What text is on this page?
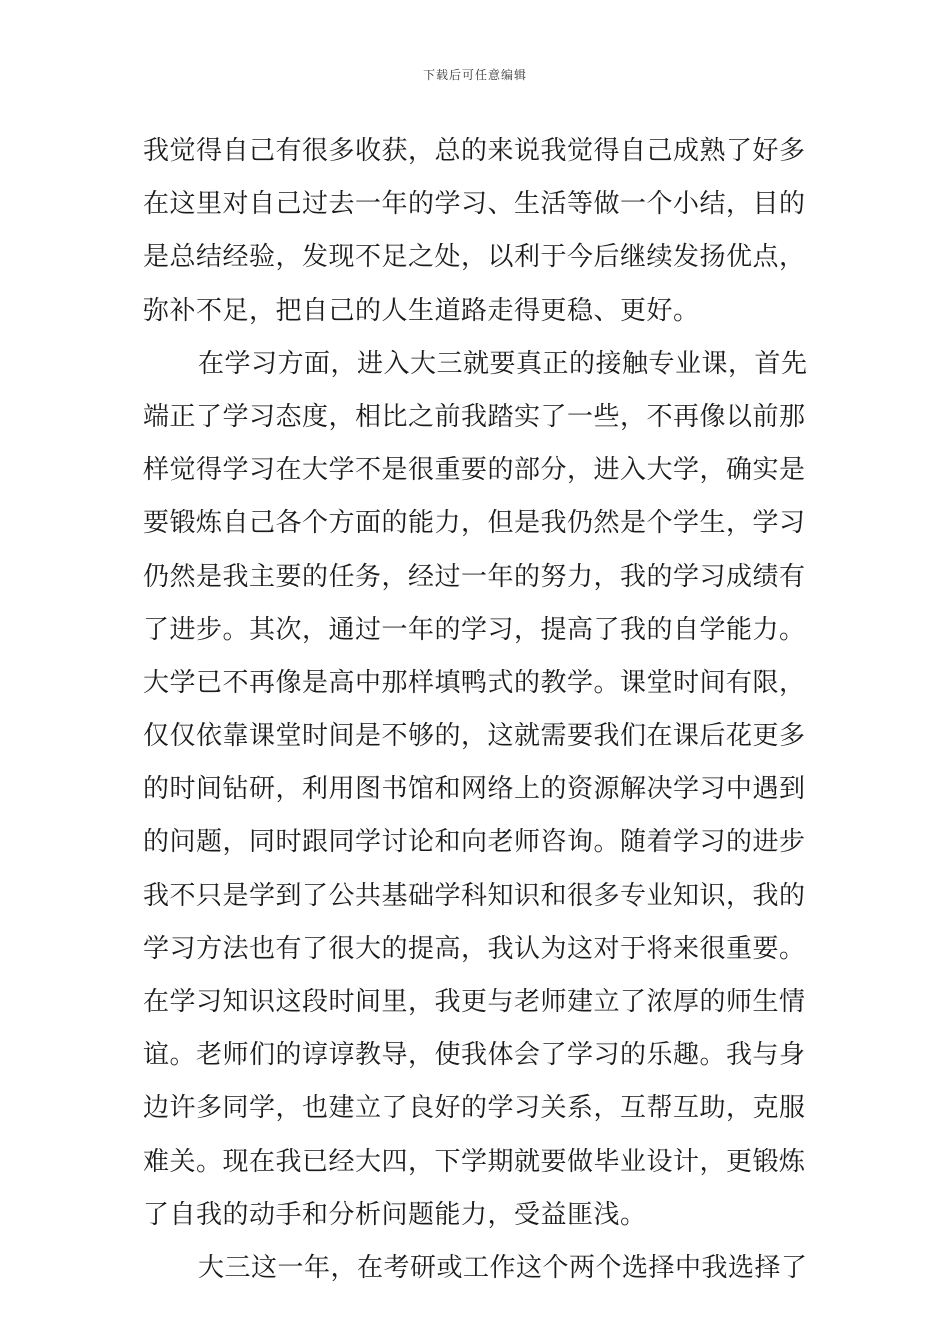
下载后可任意编辑
我觉得自己有很多收获，总的来说我觉得自己成熟了好多
在这里对自己过去一年的学习、生活等做一个小结，目的
是总结经验，发现不足之处，以利于今后继续发扬优点，
弥补不足，把自己的人生道路走得更稳、更好。
在学习方面，进入大三就要真正的接触专业课，首先
端正了学习态度，相比之前我踏实了一些，不再像以前那
样觉得学习在大学不是很重要的部分，进入大学，确实是
要锻炼自己各个方面的能力，但是我仍然是个学生，学习
仍然是我主要的任务，经过一年的努力，我的学习成绩有
了进步。其次，通过一年的学习，提高了我的自学能力。
大学已不再像是高中那样填鸭式的教学。课堂时间有限，
仅仅依靠课堂时间是不够的，这就需要我们在课后花更多
的时间钻研，利用图书馆和网络上的资源解决学习中遇到
的问题，同时跟同学讨论和向老师咨询。随着学习的进步
我不只是学到了公共基础学科知识和很多专业知识，我的
学习方法也有了很大的提高，我认为这对于将来很重要。
在学习知识这段时间里，我更与老师建立了浓厚的师生情
谊。老师们的谆谆教导，使我体会了学习的乐趣。我与身
边许多同学，也建立了良好的学习关系，互帮互助，克服
难关。现在我已经大四，下学期就要做毕业设计，更锻炼
了自我的动手和分析问题能力，受益匪浅。
大三这一年，在考研或工作这个两个选择中我选择了
